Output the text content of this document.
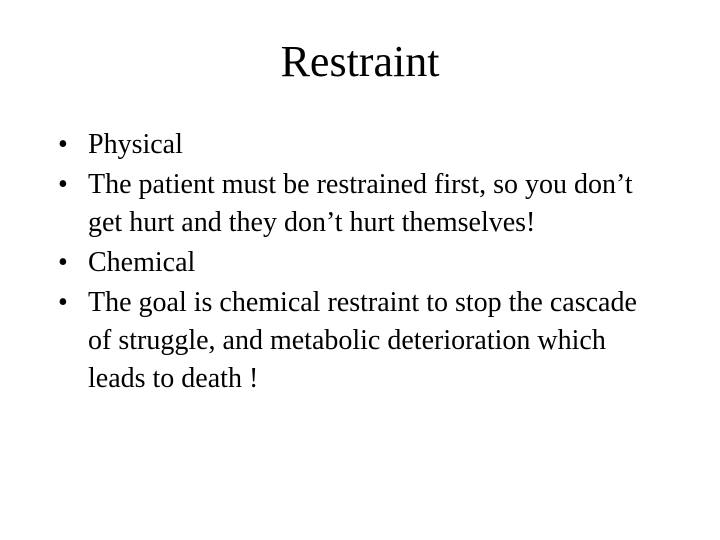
Restraint
• Physical
• The patient must be restrained first, so you don’t get hurt and they don’t hurt themselves!
• Chemical
• The goal is chemical restraint to stop the cascade of struggle, and metabolic deterioration which leads to death !
